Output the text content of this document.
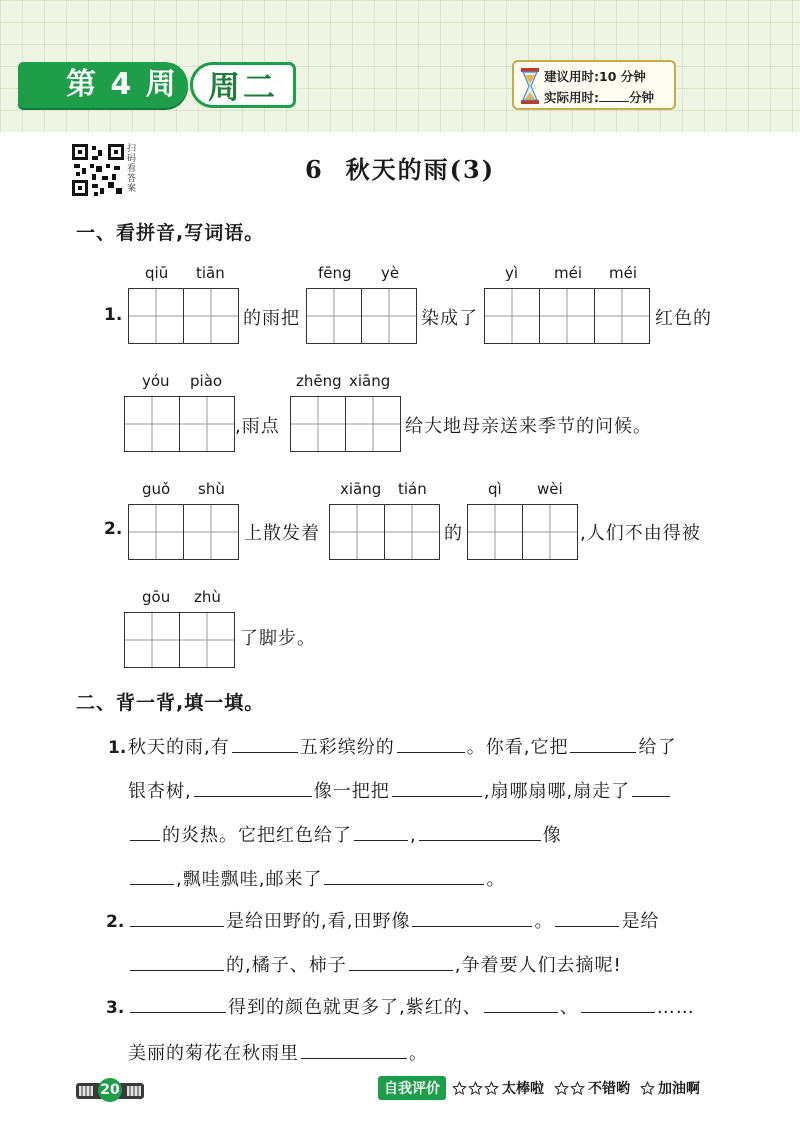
第 4 周 周二	建议用时:10 分钟
实际用时: 分钟
扫码看答案
6 秋天的雨(3)
一、看拼音,写词语。
1.
qiū tiān
的雨把
fēng yè
染成了
yì méi méi
红色的
yóu piào
,雨点
zhēng xiāng
给大地母亲送来季节的问候。
2.
guǒ shù
上散发着
xiāng tián
的
qì wèi
,人们不由得被
gōu zhù
了脚步。
二、背一背,填一填。
1. 秋天的雨,有	五彩缤纷的	。你看,它把	给了
银杏树,	像一把把	,扇哪扇哪,扇走了
的炎热。它把红色给了	,	像
,飘哇飘哇,邮来了	。
2.	是给田野的,看,田野像	。	是给
的,橘子、柿子	,争着要人们去摘呢!
3.	得到的颜色就更多了,紫红的、	、	……
美丽的菊花在秋雨里	。
20	自我评价	太棒啦	不错哟 加油啊
